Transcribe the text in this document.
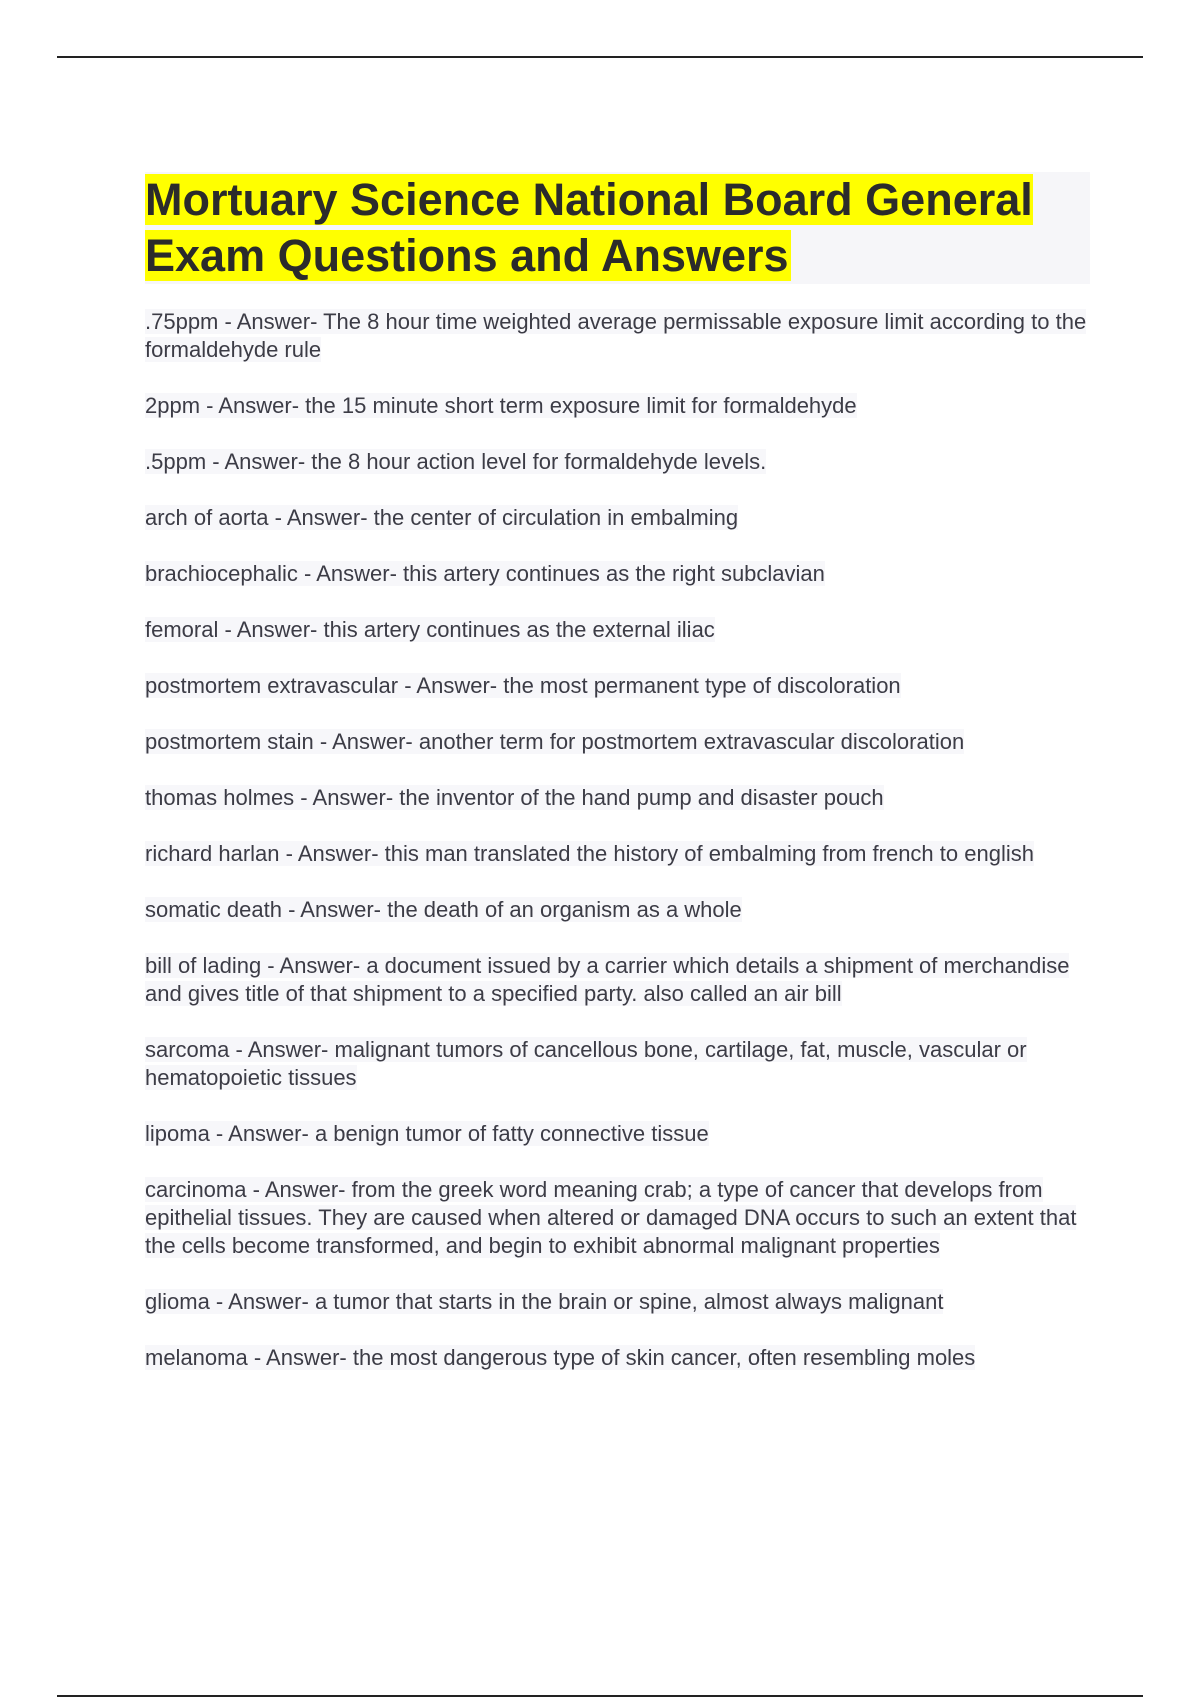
Mortuary Science National Board General Exam Questions and Answers
.75ppm - Answer- The 8 hour time weighted average permissable exposure limit according to the formaldehyde rule
2ppm - Answer- the 15 minute short term exposure limit for formaldehyde
.5ppm - Answer- the 8 hour action level for formaldehyde levels.
arch of aorta - Answer- the center of circulation in embalming
brachiocephalic - Answer- this artery continues as the right subclavian
femoral - Answer- this artery continues as the external iliac
postmortem extravascular - Answer- the most permanent type of discoloration
postmortem stain - Answer- another term for postmortem extravascular discoloration
thomas holmes - Answer- the inventor of the hand pump and disaster pouch
richard harlan - Answer- this man translated the history of embalming from french to english
somatic death - Answer- the death of an organism as a whole
bill of lading - Answer- a document issued by a carrier which details a shipment of merchandise and gives title of that shipment to a specified party. also called an air bill
sarcoma - Answer- malignant tumors of cancellous bone, cartilage, fat, muscle, vascular or hematopoietic tissues
lipoma - Answer- a benign tumor of fatty connective tissue
carcinoma - Answer- from the greek word meaning crab; a type of cancer that develops from epithelial tissues. They are caused when altered or damaged DNA occurs to such an extent that the cells become transformed, and begin to exhibit abnormal malignant properties
glioma - Answer- a tumor that starts in the brain or spine, almost always malignant
melanoma - Answer- the most dangerous type of skin cancer, often resembling moles
